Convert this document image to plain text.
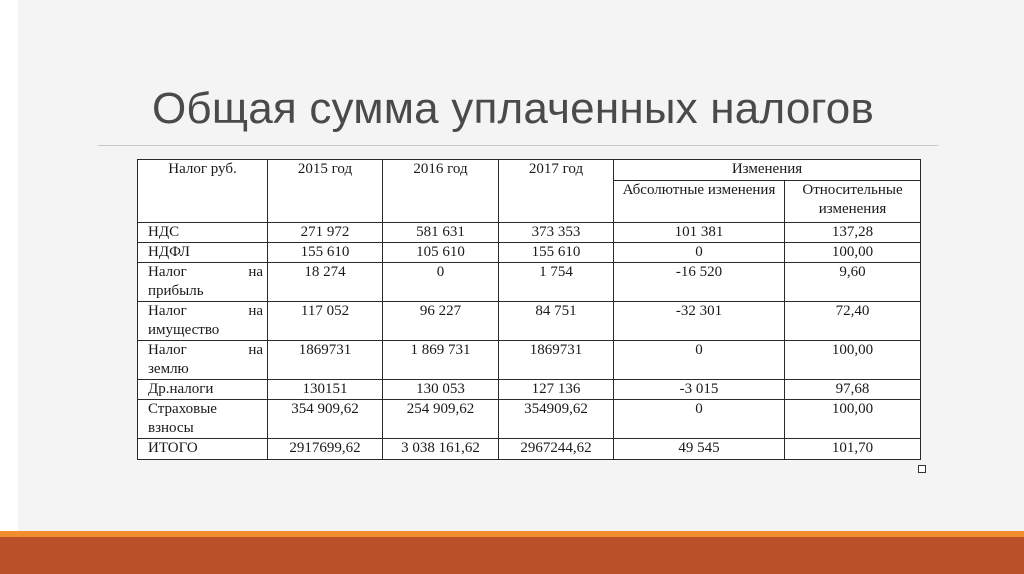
Общая сумма уплаченных налогов
Налог руб.	2015 год	2016 год	2017 год	Изменения	
				Абсолютные изменения	Относительные изменения

НДС	271 972	581 631	373 353	101 381	137,28

НДФЛ	155 610	105 610	155 610	0	100,00

Налог на
прибыль	18 274	0	1 754	-16 520	9,60

Налог на
имущество	117 052	96 227	84 751	-32 301	72,40

Налог на
землю	1869731	1 869 731	1869731	0	100,00

Др.налоги	130151	130 053	127 136	-3 015	97,68

Страховые
взносы	354 909,62	254 909,62	354909,62	0	100,00

ИТОГО	2917699,62	3 038 161,62	2967244,62	49 545	101,70
